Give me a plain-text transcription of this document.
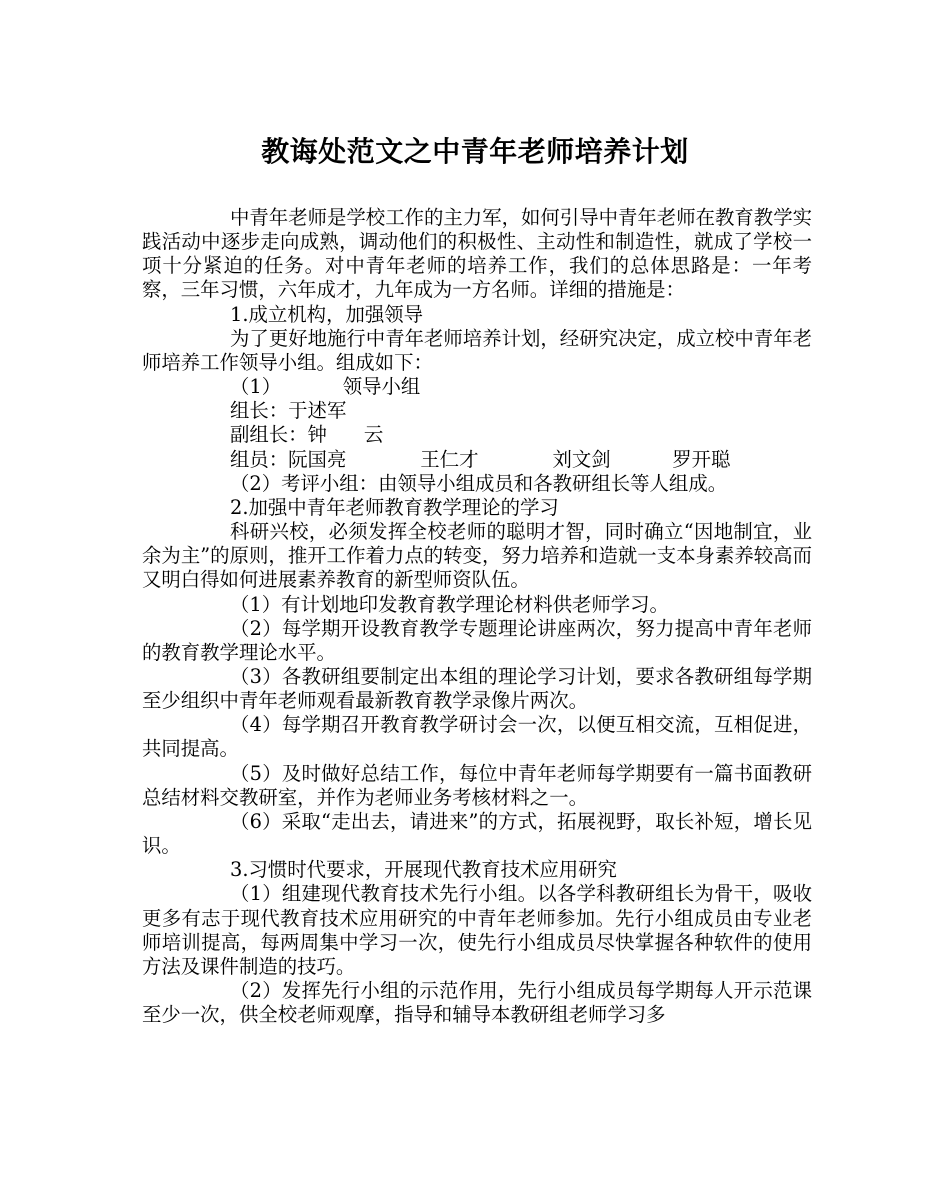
教诲处范文之中青年老师培养计划

中青年老师是学校工作的主力军，如何引导中青年老师在教育教学实践活动中逐步走向成熟，调动他们的积极性、主动性和制造性，就成了学校一项十分紧迫的任务。对中青年老师的培养工作，我们的总体思路是：一年考察，三年习惯，六年成才，九年成为一方名师。详细的措施是：

1.成立机构，加强领导

为了更好地施行中青年老师培养计划，经研究决定，成立校中青年老师培养工作领导小组。组成如下：

（1）          领导小组

组长：于述军

副组长：钟      云

组员：阮国亮            王仁才            刘文剑          罗开聪

（2）考评小组：由领导小组成员和各教研组长等人组成。

2.加强中青年老师教育教学理论的学习

科研兴校，必须发挥全校老师的聪明才智，同时确立“因地制宜，业余为主”的原则，推开工作着力点的转变，努力培养和造就一支本身素养较高而又明白得如何进展素养教育的新型师资队伍。

（1）有计划地印发教育教学理论材料供老师学习。

（2）每学期开设教育教学专题理论讲座两次，努力提高中青年老师的教育教学理论水平。

（3）各教研组要制定出本组的理论学习计划，要求各教研组每学期至少组织中青年老师观看最新教育教学录像片两次。

（4）每学期召开教育教学研讨会一次，以便互相交流，互相促进，共同提高。

（5）及时做好总结工作，每位中青年老师每学期要有一篇书面教研总结材料交教研室，并作为老师业务考核材料之一。

（6）采取“走出去，请进来”的方式，拓展视野，取长补短，增长见识。

3.习惯时代要求，开展现代教育技术应用研究

（1）组建现代教育技术先行小组。以各学科教研组长为骨干，吸收更多有志于现代教育技术应用研究的中青年老师参加。先行小组成员由专业老师培训提高，每两周集中学习一次，使先行小组成员尽快掌握各种软件的使用方法及课件制造的技巧。

（2）发挥先行小组的示范作用，先行小组成员每学期每人开示范课至少一次，供全校老师观摩，指导和辅导本教研组老师学习多
